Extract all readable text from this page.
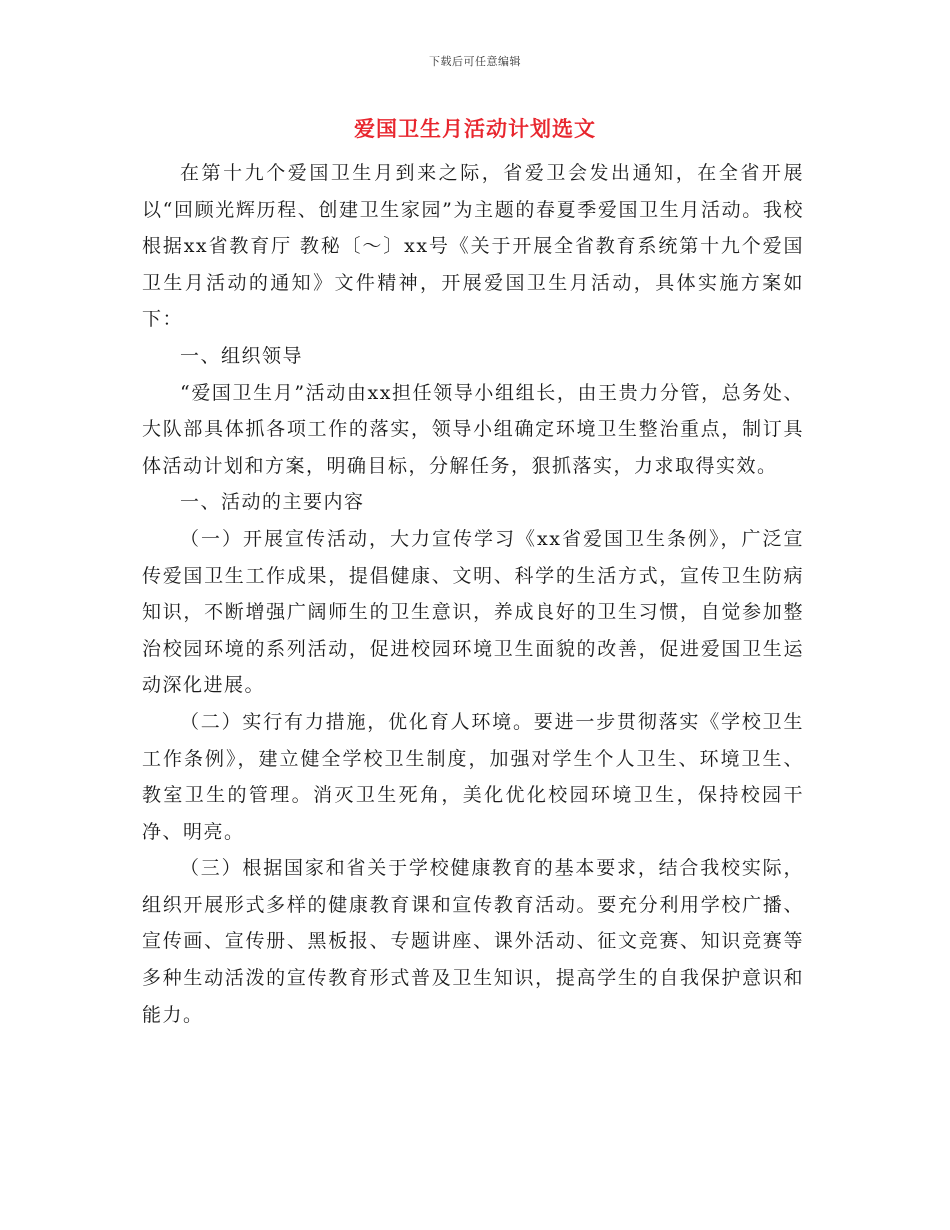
下载后可任意编辑
爱国卫生月活动计划选文

在第十九个爱国卫生月到来之际，省爱卫会发出通知，在全省开展以“回顾光辉历程、创建卫生家园”为主题的春夏季爱国卫生月活动。我校根据xx省教育厅 教秘〔～〕xx号《关于开展全省教育系统第十九个爱国卫生月活动的通知》文件精神，开展爱国卫生月活动，具体实施方案如下：

一、组织领导

“爱国卫生月”活动由xx担任领导小组组长，由王贵力分管，总务处、大队部具体抓各项工作的落实，领导小组确定环境卫生整治重点，制订具体活动计划和方案，明确目标，分解任务，狠抓落实，力求取得实效。

一、活动的主要内容

（一）开展宣传活动，大力宣传学习《xx省爱国卫生条例》，广泛宣传爱国卫生工作成果，提倡健康、文明、科学的生活方式，宣传卫生防病知识，不断增强广阔师生的卫生意识，养成良好的卫生习惯，自觉参加整治校园环境的系列活动，促进校园环境卫生面貌的改善，促进爱国卫生运动深化进展。

（二）实行有力措施，优化育人环境。要进一步贯彻落实《学校卫生工作条例》，建立健全学校卫生制度，加强对学生个人卫生、环境卫生、教室卫生的管理。消灭卫生死角，美化优化校园环境卫生，保持校园干净、明亮。

（三）根据国家和省关于学校健康教育的基本要求，结合我校实际，组织开展形式多样的健康教育课和宣传教育活动。要充分利用学校广播、宣传画、宣传册、黑板报、专题讲座、课外活动、征文竞赛、知识竞赛等多种生动活泼的宣传教育形式普及卫生知识，提高学生的自我保护意识和能力。
